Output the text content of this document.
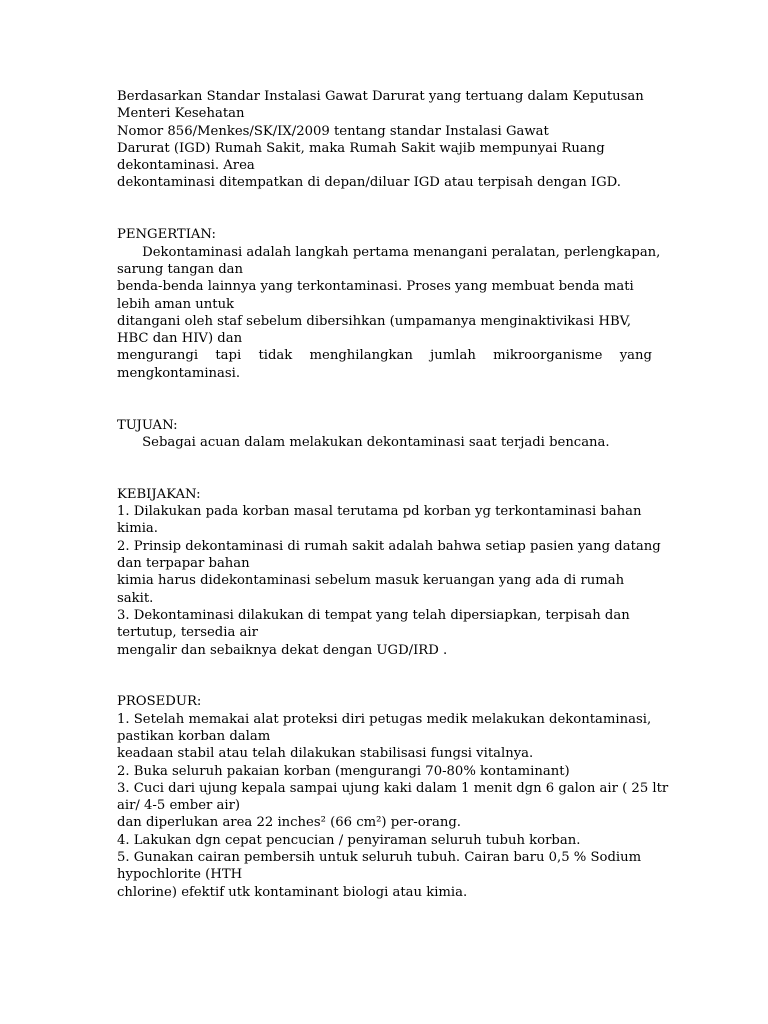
Berdasarkan Standar Instalasi Gawat Darurat yang tertuang dalam Keputusan
Menteri Kesehatan
Nomor 856/Menkes/SK/IX/2009 tentang standar Instalasi Gawat
Darurat (IGD) Rumah Sakit, maka Rumah Sakit wajib mempunyai Ruang
dekontaminasi. Area
dekontaminasi ditempatkan di depan/diluar IGD atau terpisah dengan IGD.
PENGERTIAN:
Dekontaminasi adalah langkah pertama menangani peralatan, perlengkapan,
sarung tangan dan
benda-benda lainnya yang terkontaminasi. Proses yang membuat benda mati
lebih aman untuk
ditangani oleh staf sebelum dibersihkan (umpamanya menginaktivikasi HBV,
HBC dan HIV) dan
mengurangi tapi tidak menghilangkan jumlah mikroorganisme yang
mengkontaminasi.
TUJUAN:
Sebagai acuan dalam melakukan dekontaminasi saat terjadi bencana.
KEBIJAKAN:
1. Dilakukan pada korban masal terutama pd korban yg terkontaminasi bahan
kimia.
2. Prinsip dekontaminasi di rumah sakit adalah bahwa setiap pasien yang datang
dan terpapar bahan
kimia harus didekontaminasi sebelum masuk keruangan yang ada di rumah
sakit.
3. Dekontaminasi dilakukan di tempat yang telah dipersiapkan, terpisah dan
tertutup, tersedia air
mengalir dan sebaiknya dekat dengan UGD/IRD .
PROSEDUR:
1. Setelah memakai alat proteksi diri petugas medik melakukan dekontaminasi,
pastikan korban dalam
keadaan stabil atau telah dilakukan stabilisasi fungsi vitalnya.
2. Buka seluruh pakaian korban (mengurangi 70-80% kontaminant)
3. Cuci dari ujung kepala sampai ujung kaki dalam 1 menit dgn 6 galon air ( 25 ltr
air/ 4-5 ember air)
dan diperlukan area 22 inches² (66 cm²) per-orang.
4. Lakukan dgn cepat pencucian / penyiraman seluruh tubuh korban.
5. Gunakan cairan pembersih untuk seluruh tubuh. Cairan baru 0,5 % Sodium
hypochlorite (HTH
chlorine) efektif utk kontaminant biologi atau kimia.
